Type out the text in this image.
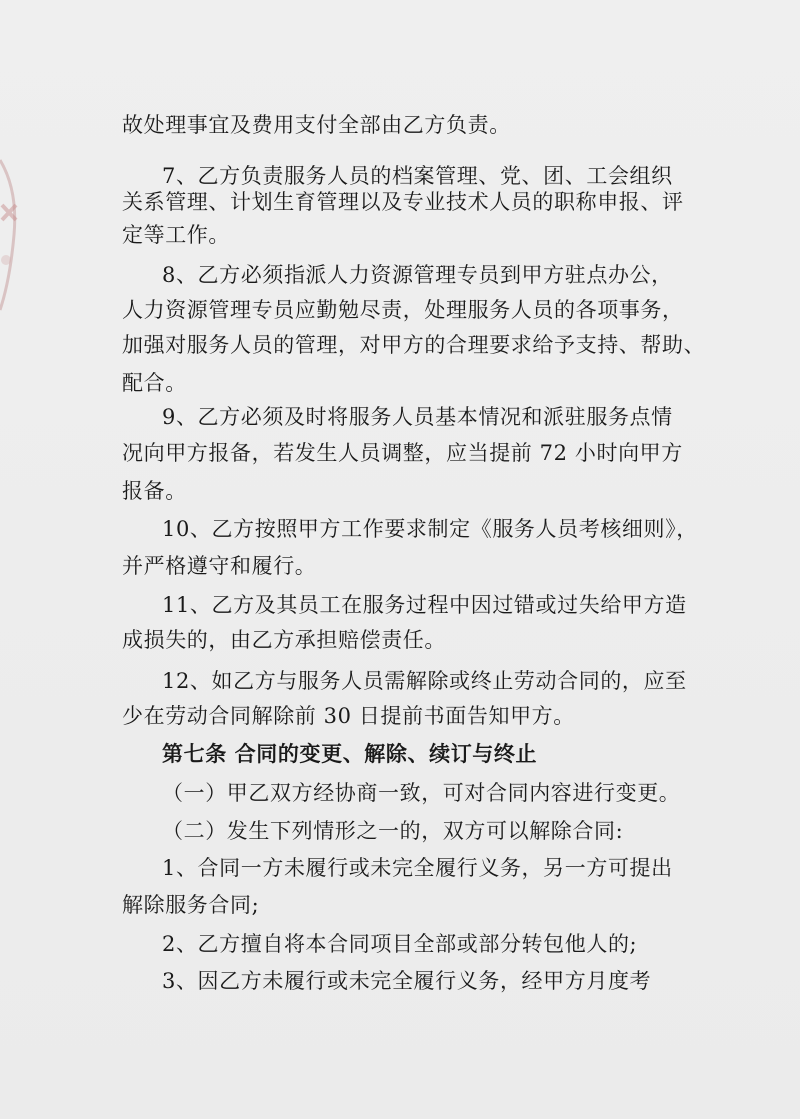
故处理事宜及费用支付全部由乙方负责。
7、乙方负责服务人员的档案管理、党、团、工会组织
关系管理、计划生育管理以及专业技术人员的职称申报、评
定等工作。
8、乙方必须指派人力资源管理专员到甲方驻点办公，
人力资源管理专员应勤勉尽责，处理服务人员的各项事务，
加强对服务人员的管理，对甲方的合理要求给予支持、帮助、
配合。
9、乙方必须及时将服务人员基本情况和派驻服务点情
况向甲方报备，若发生人员调整，应当提前 72 小时向甲方
报备。
10、乙方按照甲方工作要求制定《服务人员考核细则》，
并严格遵守和履行。
11、乙方及其员工在服务过程中因过错或过失给甲方造
成损失的，由乙方承担赔偿责任。
12、如乙方与服务人员需解除或终止劳动合同的，应至
少在劳动合同解除前 30 日提前书面告知甲方。
第七条 合同的变更、解除、续订与终止
（一）甲乙双方经协商一致，可对合同内容进行变更。
（二）发生下列情形之一的，双方可以解除合同:
1、合同一方未履行或未完全履行义务，另一方可提出
解除服务合同;
2、乙方擅自将本合同项目全部或部分转包他人的;
3、因乙方未履行或未完全履行义务，经甲方月度考
